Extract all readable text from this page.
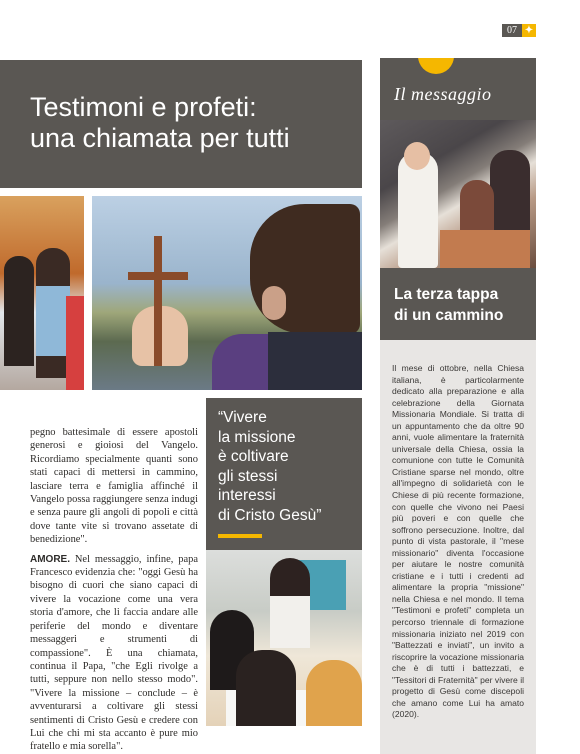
07 ✦
Testimoni e profeti:
una chiamata per tutti
Il messaggio
La terza tappa
di un cammino
Il mese di ottobre, nella Chiesa italiana, è particolarmente dedicato alla preparazione e alla celebrazione della Giornata Missionaria Mondiale. Si tratta di un appuntamento che da oltre 90 anni, vuole alimentare la fraternità universale della Chiesa, ossia la comunione con tutte le Comunità Cristiane sparse nel mondo, oltre all'impegno di solidarietà con le Chiese di più recente formazione, con quelle che vivono nei Paesi più poveri e con quelle che soffrono persecuzione. Inoltre, dal punto di vista pastorale, il "mese missionario" diventa l'occasione per aiutare le nostre comunità cristiane e i tutti i credenti ad alimentare la propria "missione" nella Chiesa e nel mondo. Il tema "Testimoni e profeti" completa un percorso triennale di formazione missionaria iniziato nel 2019 con "Battezzati e inviati", un invito a riscoprire la vocazione missionaria che è di tutti i battezzati, e "Tessitori di Fraternità" per vivere il progetto di Gesù come discepoli che amano come Lui ha amato (2020).

pegno battesimale di essere apostoli generosi e gioiosi del Vangelo. Ricordiamo specialmente quanti sono stati capaci di mettersi in cammino, lasciare terra e famiglia affinché il Vangelo possa raggiungere senza indugi e senza paure gli angoli di popoli e città dove tante vite si trovano assetate di benedizione".

AMORE. Nel messaggio, infine, papa Francesco evidenzia che: "oggi Gesù ha bisogno di cuori che siano capaci di vivere la vocazione come una vera storia d'amore, che li faccia andare alle periferie del mondo e diventare messaggeri e strumenti di compassione". È una chiamata, continua il Papa, "che Egli rivolge a tutti, seppure non nello stesso modo". "Vivere la missione – conclude – è avventurarsi a coltivare gli stessi sentimenti di Cristo Gesù e credere con Lui che chi mi sta accanto è pure mio fratello e mia sorella".

“Vivere
la missione
è coltivare
gli stessi
interessi
di Cristo Gesù”
